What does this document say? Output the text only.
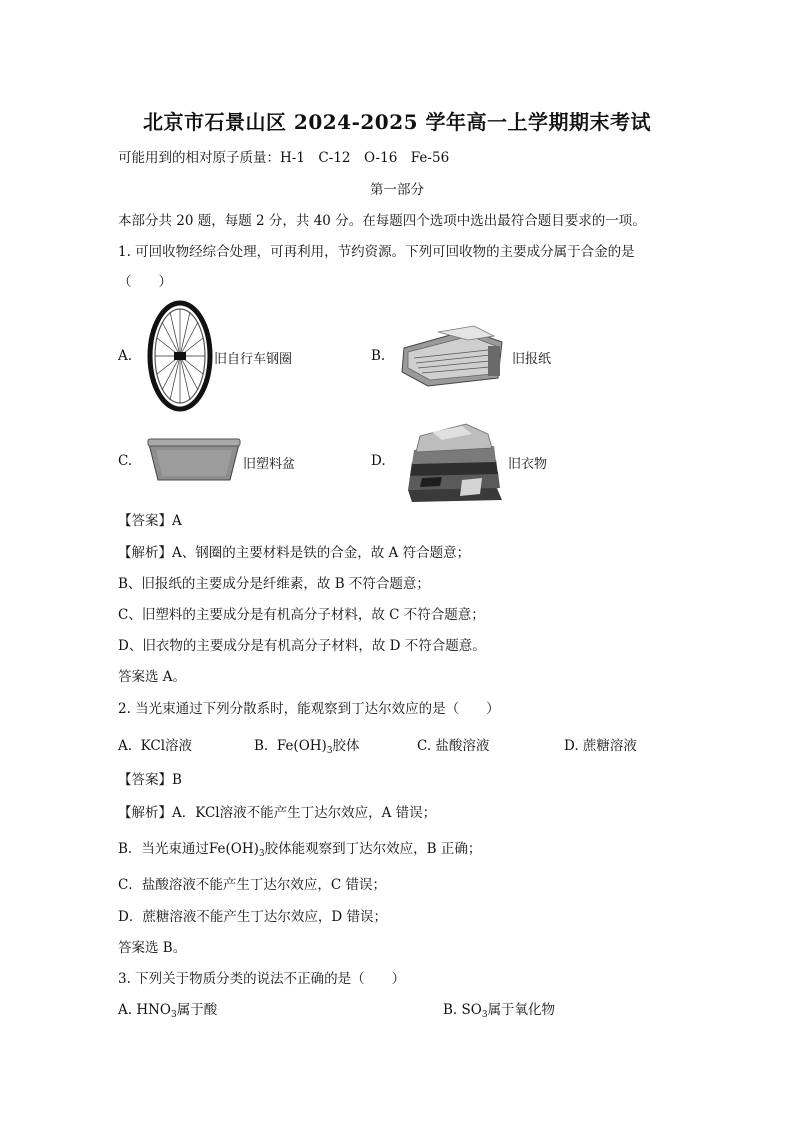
北京市石景山区 2024-2025 学年高一上学期期末考试
可能用到的相对原子质量：H-1　C-12　O-16　Fe-56
第一部分
本部分共 20 题，每题 2 分，共 40 分。在每题四个选项中选出最符合题目要求的一项。
1. 可回收物经综合处理，可再利用，节约资源。下列可回收物的主要成分属于合金的是
（　　）
A.	旧自行车钢圈	B.	旧报纸
C.	旧塑料盆	D.	旧衣物
【答案】A
【解析】A、钢圈的主要材料是铁的合金，故 A 符合题意；
B、旧报纸的主要成分是纤维素，故 B 不符合题意；
C、旧塑料的主要成分是有机高分子材料，故 C 不符合题意；
D、旧衣物的主要成分是有机高分子材料，故 D 不符合题意。
答案选 A。
2. 当光束通过下列分散系时，能观察到丁达尔效应的是（　　）
A. KCl溶液	B. $Fe(OH)_3$胶体	C. 盐酸溶液	D. 蔗糖溶液
【答案】B
【解析】A．KCl溶液不能产生丁达尔效应，A 错误；
B．当光束通过$Fe(OH)_3$胶体能观察到丁达尔效应，B 正确；
C．盐酸溶液不能产生丁达尔效应，C 错误；
D．蔗糖溶液不能产生丁达尔效应，D 错误；
答案选 B。
3. 下列关于物质分类的说法不正确的是（　　）
A. $HNO_3$属于酸	B. $SO_3$属于氧化物
